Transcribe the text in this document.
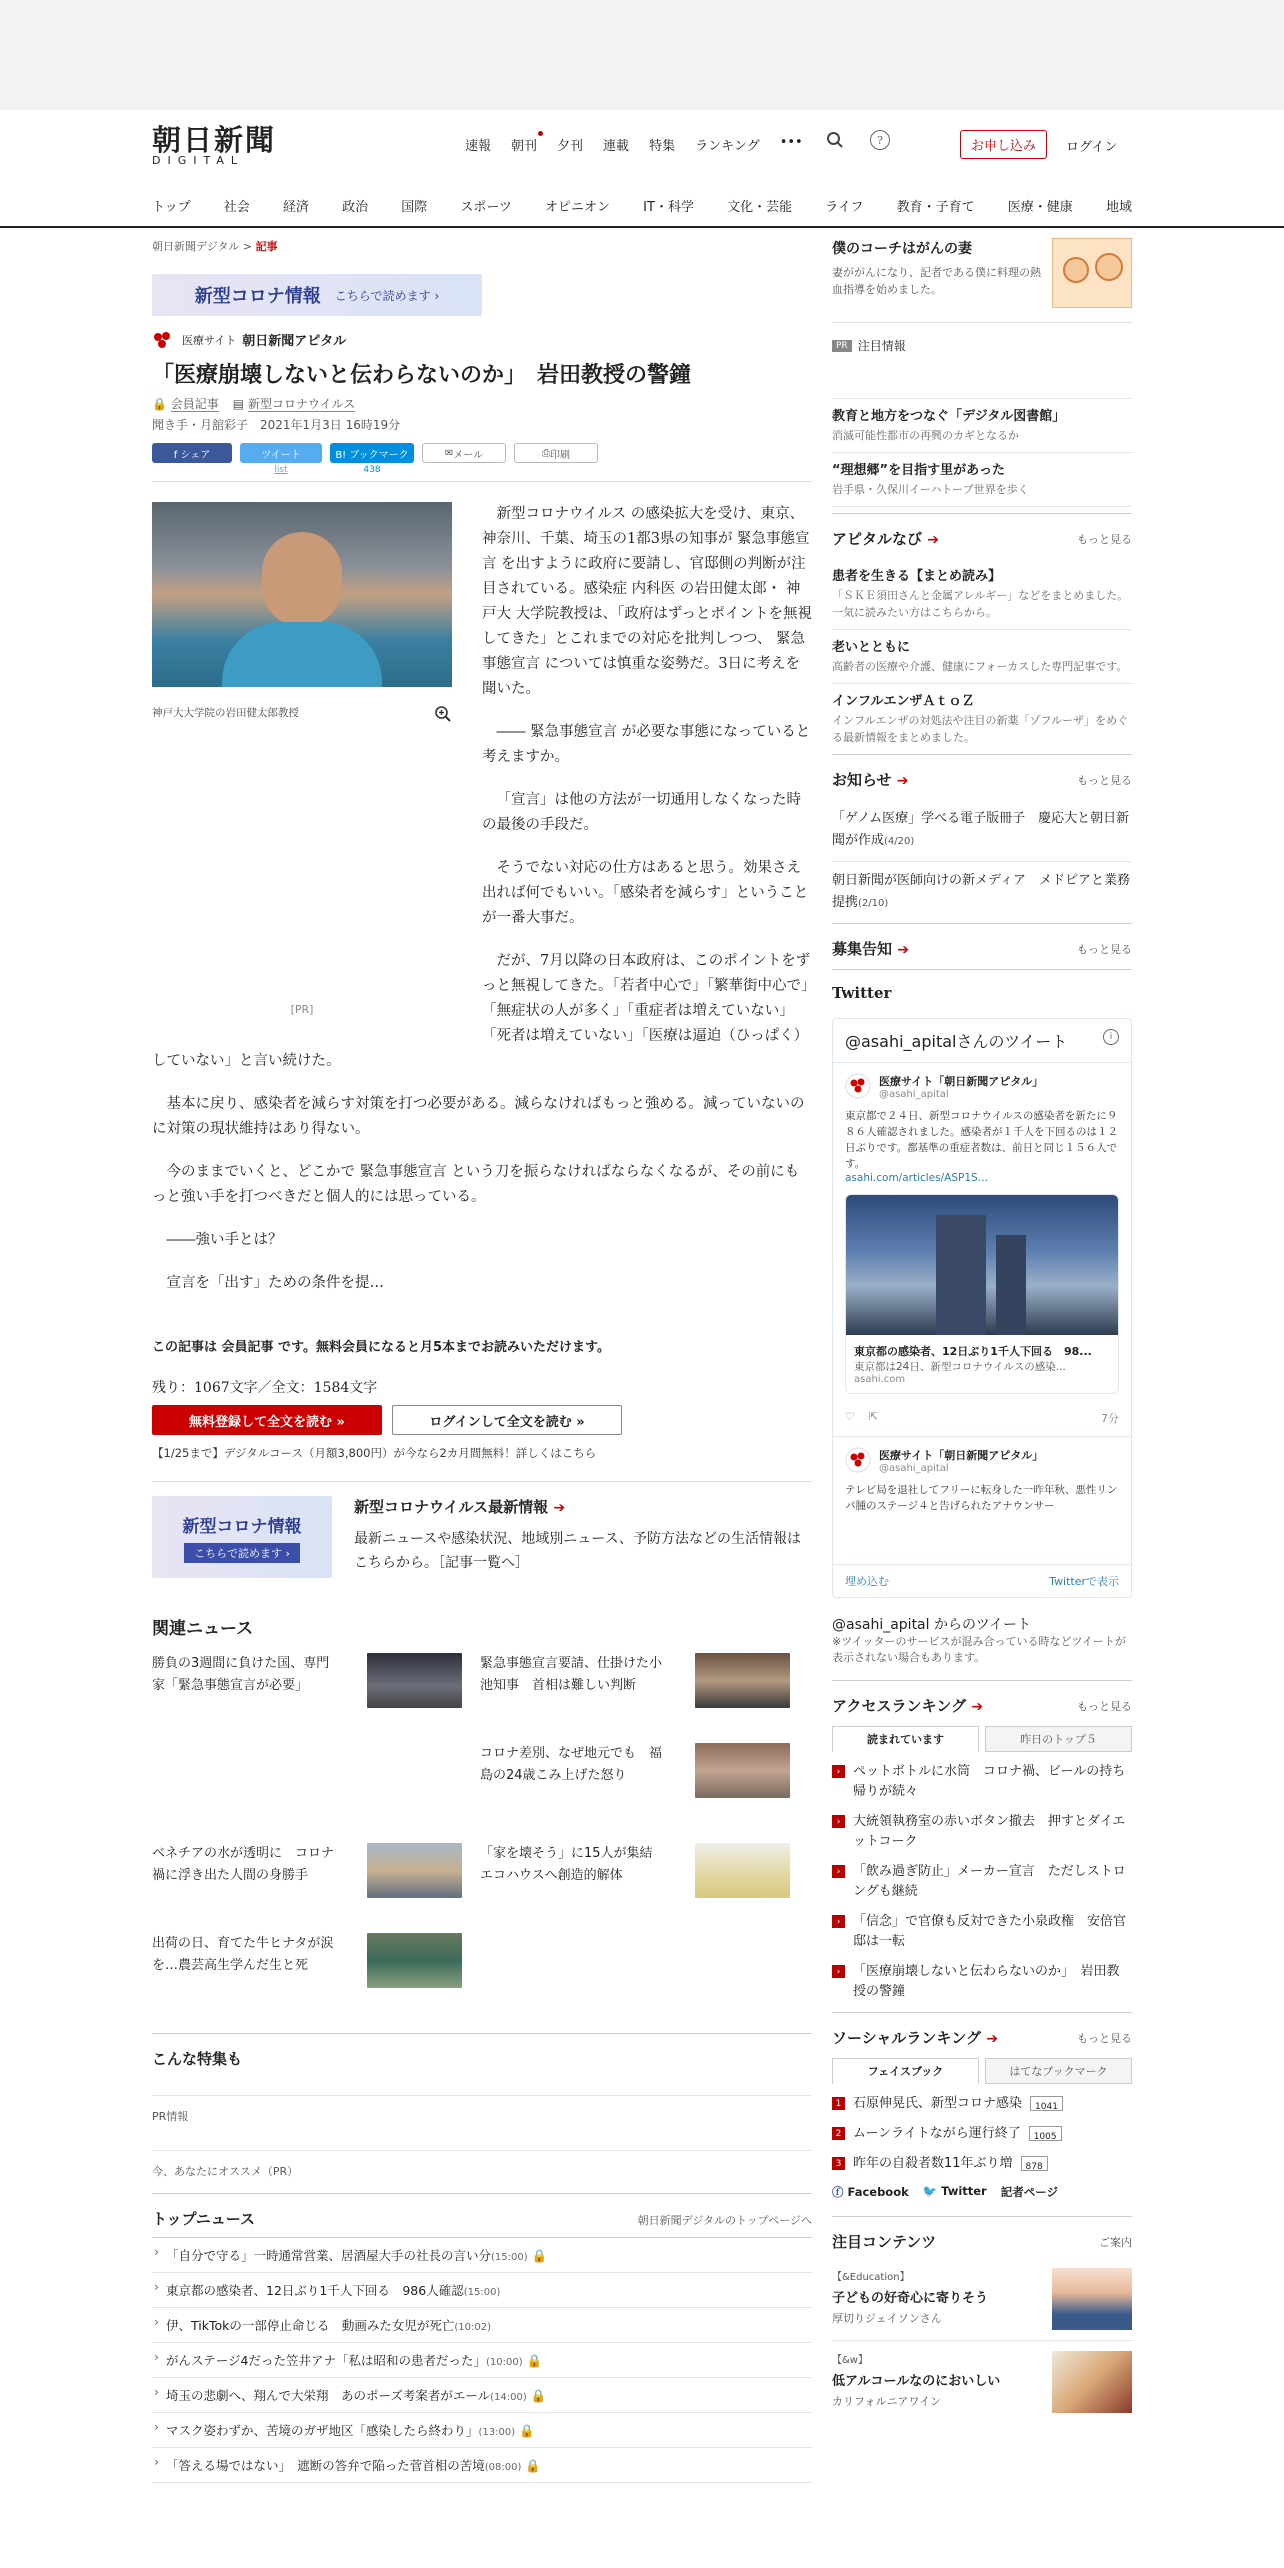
朝日新聞
DIGITAL
速報	朝刊	夕刊	連載	特集	ランキング	•••	?	お申し込み	ログイン
トップ	社会	経済	政治	国際	スポーツ	オピニオン	IT・科学	文化・芸能	ライフ	教育・子育て	医療・健康	地域
朝日新聞デジタル > 記事
新型コロナ情報 こちらで読めます ›
医療サイト 朝日新聞アピタル
「医療崩壊しないと伝わらないのか」　岩田教授の警鐘
🔒 会員記事 ▤ 新型コロナウイルス
聞き手・月舘彩子　2021年1月3日 16時19分
f シェア	ツイート
list
B! ブックマーク
438
✉ メール	⎙ 印刷
神戸大大学院の岩田健太郎教授
[PR]

新型コロナウイルス の感染拡大を受け、東京、神奈川、千葉、埼玉の1都3県の知事が 緊急事態宣言 を出すように政府に要請し、官邸側の判断が注目されている。感染症 内科医 の岩田健太郎・ 神戸大 大学院教授は、「政府はずっとポイントを無視してきた」とこれまでの対応を批判しつつ、 緊急事態宣言 については慎重な姿勢だ。3日に考えを聞いた。

―― 緊急事態宣言 が必要な事態になっていると考えますか。

「宣言」は他の方法が一切通用しなくなった時の最後の手段だ。

そうでない対応の仕方はあると思う。効果さえ出れば何でもいい。「感染者を減らす」ということが一番大事だ。

だが、7月以降の日本政府は、このポイントをずっと無視してきた。「若者中心で」「繁華街中心で」「無症状の人が多く」「重症者は増えていない」「死者は増えていない」「医療は逼迫（ひっぱく）していない」と言い続けた。

基本に戻り、感染者を減らす対策を打つ必要がある。減らなければもっと強める。減っていないのに対策の現状維持はあり得ない。

今のままでいくと、どこかで 緊急事態宣言 という刀を振らなければならなくなるが、その前にもっと強い手を打つべきだと個人的には思っている。

――強い手とは？

宣言を「出す」ための条件を提…

この記事は 会員記事 です。無料会員になると月5本までお読みいただけます。
残り：1067文字／全文：1584文字
無料登録して全文を読む »	ログインして全文を読む »
【1/25まで】デジタルコース（月額3,800円）が今なら2カ月間無料！詳しくはこちら
新型コロナ情報
こちらで読めます ›
新型コロナウイルス最新情報 ➔
最新ニュースや感染状況、地域別ニュース、予防方法などの生活情報はこちらから。［記事一覧へ］
関連ニュース
勝負の3週間に負けた国、専門家「緊急事態宣言が必要」
緊急事態宣言要請、仕掛けた小池知事　首相は難しい判断
コロナ差別、なぜ地元でも　福島の24歳こみ上げた怒り
ベネチアの水が透明に　コロナ禍に浮き出た人間の身勝手
「家を壊そう」に15人が集結　エコハウスへ創造的解体
出荷の日、育てた牛ヒナタが涙を…農芸高生学んだ生と死
こんな特集も
PR情報
今、あなたにオススメ（PR）
トップニュース	朝日新聞デジタルのトップページへ
› 「自分で守る」一時通常営業、居酒屋大手の社長の言い分(15:00) 🔒
› 東京都の感染者、12日ぶり1千人下回る　986人確認(15:00)
› 伊、TikTokの一部停止命じる　動画みた女児が死亡(10:02)
› がんステージ4だった笠井アナ「私は昭和の患者だった」(10:00) 🔒
› 埼玉の悲劇へ、翔んで大栄翔　あのポーズ考案者がエール(14:00) 🔒
› マスク姿わずか、苦境のガザ地区「感染したら終わり」(13:00) 🔒
› 「答える場ではない」　遮断の答弁で陥った菅首相の苦境(08:00) 🔒
僕のコーチはがんの妻
妻ががんになり、記者である僕に料理の熱血指導を始めました。
PR 注目情報
教育と地方をつなぐ「デジタル図書館」
消滅可能性都市の再興のカギとなるか
“理想郷”を目指す里があった
岩手県・久保川イーハトーブ世界を歩く
アピタルなび ➔	もっと見る
患者を生きる【まとめ読み】
「ＳＫＥ須田さんと金属アレルギー」などをまとめました。一気に読みたい方はこちらから。
老いとともに
高齢者の医療や介護、健康にフォーカスした専門記事です。
インフルエンザＡｔｏＺ
インフルエンザの対処法や注目の新薬「ゾフルーザ」をめぐる最新情報をまとめました。
お知らせ ➔	もっと見る
「ゲノム医療」学べる電子版冊子　慶応大と朝日新聞が作成(4/20)
朝日新聞が医師向けの新メディア　メドピアと業務提携(2/10)
募集告知 ➔	もっと見る
Twitter
@asahi_apitalさんのツイート	i
医療サイト「朝日新聞アピタル」
@asahi_apital
東京都で２４日、新型コロナウイルスの感染者を新たに９８６人確認されました。感染者が１千人を下回るのは１２日ぶりです。都基準の重症者数は、前日と同じ１５６人です。
asahi.com/articles/ASP1S…
東京都の感染者、12日ぶり1千人下回る　98...
東京都は24日、新型コロナウイルスの感染...
asahi.com
♡ ⇱	7分
医療サイト「朝日新聞アピタル」
@asahi_apital
テレビ局を退社してフリーに転身した一昨年秋、悪性リンパ腫のステージ４と告げられたアナウンサー
埋め込む	Twitterで表示
@asahi_apital からのツイート
※ツイッターのサービスが混み合っている時などツイートが表示されない場合もあります。
アクセスランキング ➔	もっと見る
読まれています	昨日のトップ５
› ペットボトルに水筒　コロナ禍、ビールの持ち帰りが続々
› 大統領執務室の赤いボタン撤去　押すとダイエットコーク
› 「飲み過ぎ防止」メーカー宣言　ただしストロングも継続
› 「信念」で官僚も反対できた小泉政権　安倍官邸は一転
› 「医療崩壊しないと伝わらないのか」　岩田教授の警鐘
ソーシャルランキング ➔	もっと見る
フェイスブック	はてなブックマーク
1 石原伸晃氏、新型コロナ感染	1041
2 ムーンライトながら運行終了	1005
3 昨年の自殺者数11年ぶり増	878
ⓕ Facebook 🐦 Twitter 記者ページ
注目コンテンツ	ご案内
【&Education】
子どもの好奇心に寄りそう
厚切りジェイソンさん
【&w】
低アルコールなのにおいしい
カリフォルニアワイン
